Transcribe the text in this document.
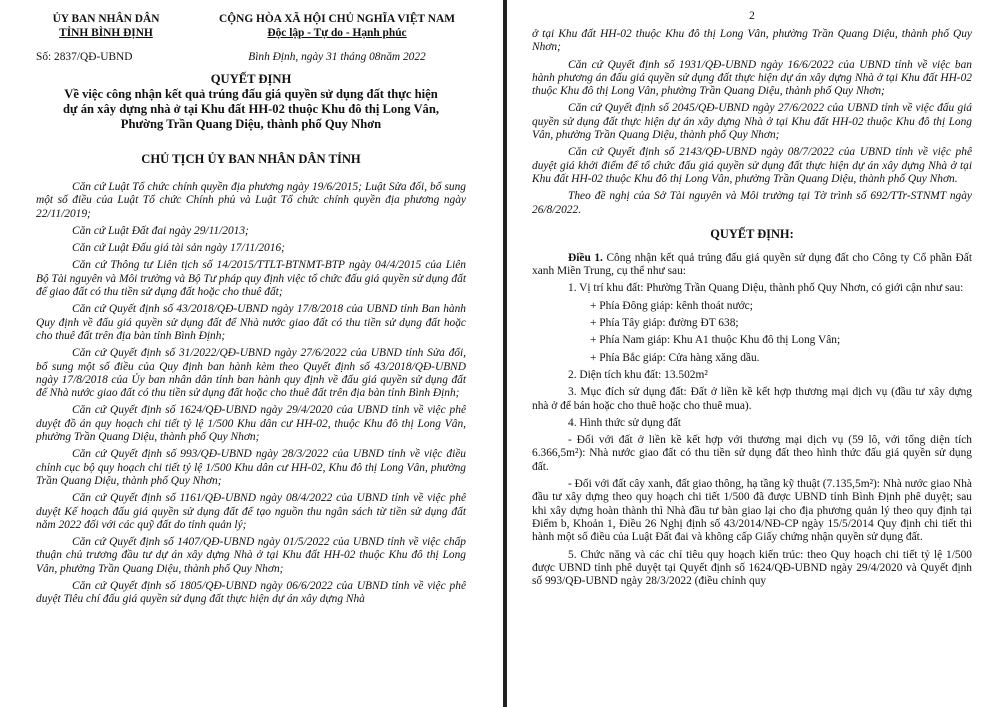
ỦY BAN NHÂN DÂN
TỈNH BÌNH ĐỊNH
Số: 2837/QĐ-UBND
CỘNG HÒA XÃ HỘI CHỦ NGHĨA VIỆT NAM
Độc lập - Tự do - Hạnh phúc
Bình Định, ngày 31 tháng 08năm 2022
QUYẾT ĐỊNH
Về việc công nhận kết quả trúng đấu giá quyền sử dụng đất thực hiện
dự án xây dựng nhà ở tại Khu đất HH-02 thuộc Khu đô thị Long Vân,
Phường Trần Quang Diệu, thành phố Quy Nhơn
CHỦ TỊCH ỦY BAN NHÂN DÂN TỈNH

Căn cứ Luật Tổ chức chính quyền địa phương ngày 19/6/2015; Luật Sửa đổi, bổ sung một số điều của Luật Tổ chức Chính phủ và Luật Tổ chức chính quyền địa phương ngày 22/11/2019;

Căn cứ Luật Đất đai ngày 29/11/2013;

Căn cứ Luật Đấu giá tài sản ngày 17/11/2016;

Căn cứ Thông tư Liên tịch số 14/2015/TTLT-BTNMT-BTP ngày 04/4/2015 của Liên Bộ Tài nguyên và Môi trường và Bộ Tư pháp quy định việc tổ chức đấu giá quyền sử dụng đất để giao đất có thu tiền sử dụng đất hoặc cho thuê đất;

Căn cứ Quyết định số 43/2018/QĐ-UBND ngày 17/8/2018 của UBND tỉnh Ban hành Quy định về đấu giá quyền sử dụng đất để Nhà nước giao đất có thu tiền sử dụng đất hoặc cho thuê đất trên địa bàn tỉnh Bình Định;

Căn cứ Quyết định số 31/2022/QĐ-UBND ngày 27/6/2022 của UBND tỉnh Sửa đổi, bổ sung một số điều của Quy định ban hành kèm theo Quyết định số 43/2018/QĐ-UBND ngày 17/8/2018 của Ủy ban nhân dân tỉnh ban hành quy định về đấu giá quyền sử dụng đất để Nhà nước giao đất có thu tiền sử dụng đất hoặc cho thuê đất trên địa bàn tỉnh Bình Định;

Căn cứ Quyết định số 1624/QĐ-UBND ngày 29/4/2020 của UBND tỉnh về việc phê duyệt đồ án quy hoạch chi tiết tỷ lệ 1/500 Khu dân cư HH-02, thuộc Khu đô thị Long Vân, phường Trần Quang Diệu, thành phố Quy Nhơn;

Căn cứ Quyết định số 993/QĐ-UBND ngày 28/3/2022 của UBND tỉnh về việc điều chỉnh cục bộ quy hoạch chi tiết tỷ lệ 1/500 Khu dân cư HH-02, Khu đô thị Long Vân, phường Trần Quang Diệu, thành phố Quy Nhơn;

Căn cứ Quyết định số 1161/QĐ-UBND ngày 08/4/2022 của UBND tỉnh về việc phê duyệt Kế hoạch đấu giá quyền sử dụng đất để tạo nguồn thu ngân sách từ tiền sử dụng đất năm 2022 đối với các quỹ đất do tỉnh quản lý;

Căn cứ Quyết định số 1407/QĐ-UBND ngày 01/5/2022 của UBND tỉnh về việc chấp thuận chủ trương đầu tư dự án xây dựng Nhà ở tại Khu đất HH-02 thuộc Khu đô thị Long Vân, phường Trần Quang Diệu, thành phố Quy Nhơn;

Căn cứ Quyết định số 1805/QĐ-UBND ngày 06/6/2022 của UBND tỉnh về việc phê duyệt Tiêu chí đấu giá quyền sử dụng đất thực hiện dự án xây dựng Nhà

2

ở tại Khu đất HH-02 thuộc Khu đô thị Long Vân, phường Trần Quang Diệu, thành phố Quy Nhơn;

Căn cứ Quyết định số 1931/QĐ-UBND ngày 16/6/2022 của UBND tỉnh về việc ban hành phương án đấu giá quyền sử dụng đất thực hiện dự án xây dựng Nhà ở tại Khu đất HH-02 thuộc Khu đô thị Long Vân, phường Trần Quang Diệu, thành phố Quy Nhơn;

Căn cứ Quyết định số 2045/QĐ-UBND ngày 27/6/2022 của UBND tỉnh về việc đấu giá quyền sử dụng đất thực hiện dự án xây dựng Nhà ở tại Khu đất HH-02 thuộc Khu đô thị Long Vân, phường Trần Quang Diệu, thành phố Quy Nhơn;

Căn cứ Quyết định số 2143/QĐ-UBND ngày 08/7/2022 của UBND tỉnh về việc phê duyệt giá khởi điểm để tổ chức đấu giá quyền sử dụng đất thực hiện dự án xây dựng Nhà ở tại Khu đất HH-02 thuộc Khu đô thị Long Vân, phường Trần Quang Diệu, thành phố Quy Nhơn.

Theo đề nghị của Sở Tài nguyên và Môi trường tại Tờ trình số 692/TTr-STNMT ngày 26/8/2022.

QUYẾT ĐỊNH:

Điều 1. Công nhận kết quả trúng đấu giá quyền sử dụng đất cho Công ty Cổ phần Đất xanh Miền Trung, cụ thể như sau:

1. Vị trí khu đất: Phường Trần Quang Diệu, thành phố Quy Nhơn, có giới cận như sau:

+ Phía Đông giáp: kênh thoát nước;

+ Phía Tây giáp: đường ĐT 638;

+ Phía Nam giáp: Khu A1 thuộc Khu đô thị Long Vân;

+ Phía Bắc giáp: Cửa hàng xăng dầu.

2. Diện tích khu đất: 13.502m²

3. Mục đích sử dụng đất: Đất ở liền kề kết hợp thương mại dịch vụ (đầu tư xây dựng nhà ở để bán hoặc cho thuê hoặc cho thuê mua).

4. Hình thức sử dụng đất

- Đối với đất ở liền kề kết hợp với thương mại dịch vụ (59 lô, với tổng diện tích 6.366,5m²): Nhà nước giao đất có thu tiền sử dụng đất theo hình thức đấu giá quyền sử dụng đất.

- Đối với đất cây xanh, đất giao thông, hạ tầng kỹ thuật (7.135,5m²): Nhà nước giao Nhà đầu tư xây dựng theo quy hoạch chi tiết 1/500 đã được UBND tỉnh Bình Định phê duyệt; sau khi xây dựng hoàn thành thì Nhà đầu tư bàn giao lại cho địa phương quản lý theo quy định tại Điểm b, Khoản 1, Điều 26 Nghị định số 43/2014/NĐ-CP ngày 15/5/2014 Quy định chi tiết thi hành một số điều của Luật Đất đai và không cấp Giấy chứng nhận quyền sử dụng đất.

5. Chức năng và các chỉ tiêu quy hoạch kiến trúc: theo Quy hoạch chi tiết tỷ lệ 1/500 được UBND tỉnh phê duyệt tại Quyết định số 1624/QĐ-UBND ngày 29/4/2020 và Quyết định số 993/QĐ-UBND ngày 28/3/2022 (điều chỉnh quy
